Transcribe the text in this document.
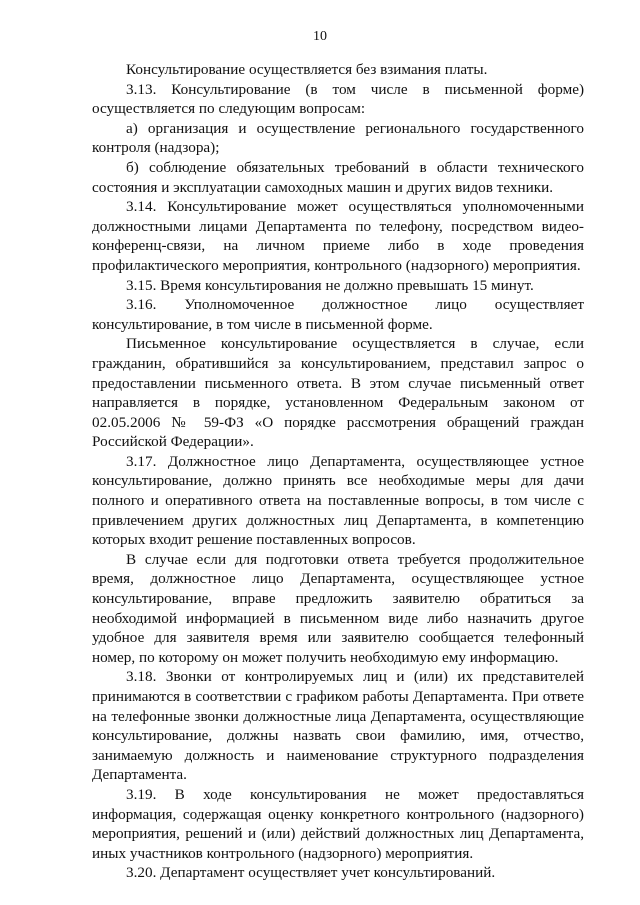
10

Консультирование осуществляется без взимания платы.

3.13. Консультирование (в том числе в письменной форме) осуществляется по следующим вопросам:

а) организация и осуществление регионального государственного контроля (надзора);

б) соблюдение обязательных требований в области технического состояния и эксплуатации самоходных машин и других видов техники.

3.14. Консультирование может осуществляться уполномоченными должностными лицами Департамента по телефону, посредством видео-конференц-связи, на личном приеме либо в ходе проведения профилактического мероприятия, контрольного (надзорного) мероприятия.

3.15. Время консультирования не должно превышать 15 минут.

3.16. Уполномоченное должностное лицо осуществляет консультирование, в том числе в письменной форме.

Письменное консультирование осуществляется в случае, если гражданин, обратившийся за консультированием, представил запрос о предоставлении письменного ответа. В этом случае письменный ответ направляется в порядке, установленном Федеральным законом от 02.05.2006 № 59-ФЗ «О порядке рассмотрения обращений граждан Российской Федерации».

3.17. Должностное лицо Департамента, осуществляющее устное консультирование, должно принять все необходимые меры для дачи полного и оперативного ответа на поставленные вопросы, в том числе с привлечением других должностных лиц Департамента, в компетенцию которых входит решение поставленных вопросов.

В случае если для подготовки ответа требуется продолжительное время, должностное лицо Департамента, осуществляющее устное консультирование, вправе предложить заявителю обратиться за необходимой информацией в письменном виде либо назначить другое удобное для заявителя время или заявителю сообщается телефонный номер, по которому он может получить необходимую ему информацию.

3.18. Звонки от контролируемых лиц и (или) их представителей принимаются в соответствии с графиком работы Департамента. При ответе на телефонные звонки должностные лица Департамента, осуществляющие консультирование, должны назвать свои фамилию, имя, отчество, занимаемую должность и наименование структурного подразделения Департамента.

3.19. В ходе консультирования не может предоставляться информация, содержащая оценку конкретного контрольного (надзорного) мероприятия, решений и (или) действий должностных лиц Департамента, иных участников контрольного (надзорного) мероприятия.

3.20. Департамент осуществляет учет консультирований.
